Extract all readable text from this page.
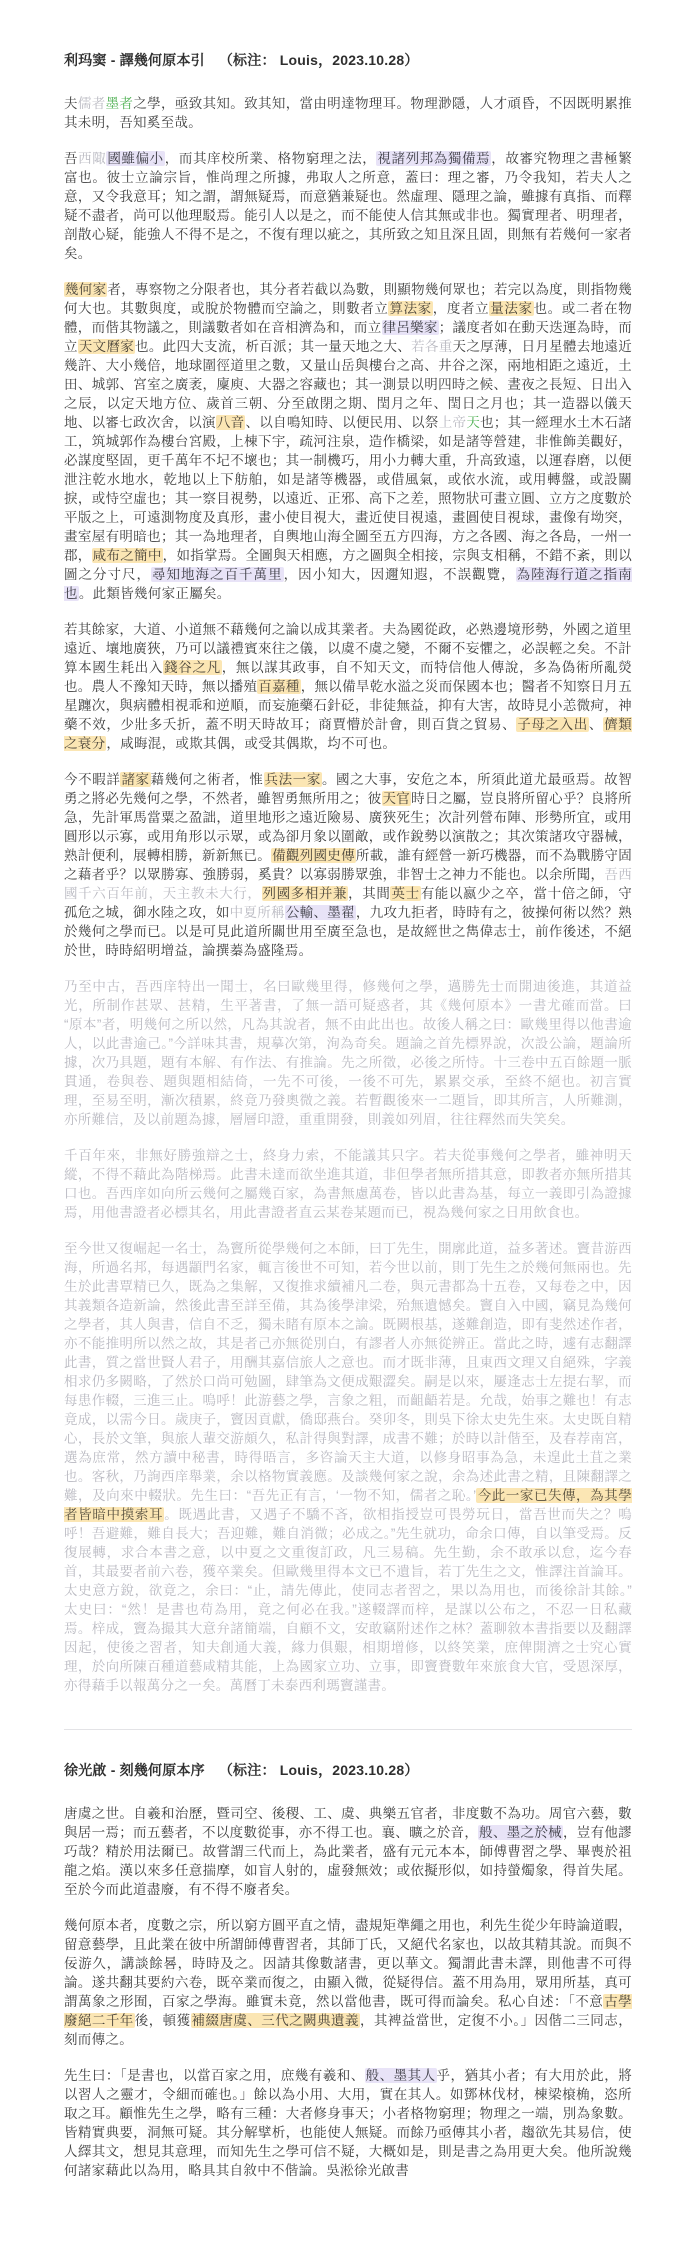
利玛窦 - 譯幾何原本引 （标注： Louis，2023.10.28）

夫儒者墨者之學，亟致其知。致其知，當由明達物理耳。物理渺隱，人才頑昏，不因既明累推其未明，吾知奚至哉。

吾西陬國雖偏小，而其庠校所業、格物窮理之法，視諸列邦為獨備焉，故審究物理之書極繁富也。彼士立論宗旨，惟尚理之所據，弗取人之所意，蓋曰：理之審，乃令我知，若夫人之意，又令我意耳；知之謂，謂無疑焉，而意猶兼疑也。然虛理、隱理之論，雖據有真指、而釋疑不盡者，尚可以他理駁焉。能引人以是之，而不能使人信其無或非也。獨實理者、明理者，剖散心疑，能強人不得不是之，不復有理以疵之，其所致之知且深且固，則無有若幾何一家者矣。

幾何家者，專察物之分限者也，其分者若截以為數，則顯物幾何眾也；若完以為度，則指物幾何大也。其數與度，或脫於物體而空論之，則數者立算法家，度者立量法家也。或二者在物體，而偕其物議之，則議數者如在音相濟為和，而立律呂樂家；議度者如在動天迭運為時，而立天文曆家也。此四大支流，析百派；其一量天地之大、若各重天之厚薄，日月星體去地遠近幾許、大小幾倍，地球圍徑道里之數，又量山岳與樓台之高、井谷之深，兩地相距之遠近，土田、城郭、宮室之廣袤，廩庾、大器之容藏也；其一測景以明四時之候、晝夜之長短、日出入之辰，以定天地方位、歲首三朝、分至啟閉之期、閏月之年、閏日之月也；其一造器以儀天地、以審七政次舍，以演八音、以自鳴知時、以便民用、以祭上帝天也；其一經理水土木石諸工，筑城郭作為樓台宮殿，上棟下宇，疏河注泉，造作橋梁，如是諸等營建，非惟飾美觀好，必謀度堅固，更千萬年不圮不壞也；其一制機巧，用小力轉大重，升高致遠，以運舂磨，以便泄注乾水地水，乾地以上下舫舶，如是諸等機器，或借風氣，或依水流，或用轉盤，或設關捩，或恃空虛也；其一察目視勢，以遠近、正邪、高下之差，照物狀可畫立圓、立方之度數於平版之上，可遠測物度及真形，畫小使目視大，畫近使目視遠，畫圓使目視球，畫像有坳突，畫室屋有明暗也；其一為地理者，自輿地山海全圖至五方四海，方之各國、海之各島，一州一郡，咸布之簡中，如指掌焉。全圖與天相應，方之圖與全相接，宗與支相稱，不錯不紊，則以圖之分寸尺，尋知地海之百千萬里，因小知大，因邇知遐，不誤觀覽，為陸海行道之指南也。此類皆幾何家正屬矣。

若其餘家，大道、小道無不藉幾何之論以成其業者。夫為國從政，必熟邊境形勢，外國之道里遠近、壤地廣狹，乃可以議禮賓來往之儀，以虞不虞之變，不爾不妄懼之，必誤輕之矣。不計算本國生耗出入錢谷之凡，無以謀其政事，自不知天文，而特信他人傳說，多為偽術所亂熒也。農人不豫知天時，無以播殖百嘉種，無以備旱乾水溢之災而保國本也；醫者不知察日月五星躔次，與病體相視乖和逆順，而妄施藥石針砭，非徒無益，抑有大害，故時見小恙微疴，神藥不效，少壯多夭折，蓋不明天時故耳；商賈懵於計會，則百貨之貿易、子母之入出、儕類之衰分，咸晦混，或欺其偶，或受其偶欺，均不可也。

今不暇詳諸家藉幾何之術者，惟兵法一家。國之大事，安危之本，所須此道尤最亟焉。故智勇之將必先幾何之學，不然者，雖智勇無所用之；彼天官時日之屬，豈良將所留心乎？良將所急，先計軍馬當粟之盈詘，道里地形之遠近險易、廣狹死生；次計列營布陣、形勢所宜，或用圓形以示寡，或用角形以示眾，或為卻月象以圍敵，或作銳勢以演散之；其次策諸攻守器械，熟計便利，展轉相勝，新新無已。備觀列國史傳所載，誰有經營一新巧機器，而不為戰勝守固之藉者乎？以眾勝寡、強勝弱，奚貴？以寡弱勝眾強，非智士之神力不能也。以余所聞，吾西國千六百年前，天主教未大行，列國多相并兼，其間英士有能以嬴少之卒，當十倍之師，守孤危之城，御水陸之攻，如中夏所稱公輸、墨翟，九攻九拒者，時時有之，彼操何術以然？熟於幾何之學而已。以是可見此道所關世用至廣至急也，是故經世之雋偉志士，前作後述，不絕於世，時時紹明增益，論撰蓁為盛隆焉。

乃至中古，吾西庠特出一聞士，名曰歐幾里得，修幾何之學，邁勝先士而開迪後進，其道益光，所制作甚眾、甚精，生平著書，了無一語可疑惑者，其《幾何原本》一書尤確而當。曰“原本”者，明幾何之所以然，凡為其說者，無不由此出也。故後人稱之曰：歐幾里得以他書逾人，以此書逾己。”今詳味其書，規摹次第，洵為奇矣。題論之首先標界說，次設公論，題論所據，次乃具題，題有本解、有作法、有推論。先之所徵，必後之所恃。十三卷中五百餘題一脈貫通，卷與卷、題與題相結倚，一先不可後，一後不可先，累累交承，至終不絕也。初言實理，至易至明，漸次積累，終竟乃發奧微之義。若暫觀後來一二題旨，即其所言，人所難測，亦所難信，及以前題為據，層層印證，重重開發，則義如列眉，往往釋然而失笑矣。

千百年來，非無好勝強辯之士，終身力索，不能議其只字。若夫從事幾何之學者，雖神明天縱，不得不藉此為階梯焉。此書未達而欲坐進其道，非但學者無所措其意，即教者亦無所措其口也。吾西庠如向所云幾何之屬幾百家，為書無慮萬卷，皆以此書為基，每立一義即引為證據焉，用他書證者必標其名，用此書證者直云某卷某題而已，視為幾何家之日用飲食也。

至今世又復崛起一名士，為竇所從學幾何之本師，曰丁先生，開廓此道，益多著述。竇昔游西海，所過名邦，每遇顓門名家，輒言後世不可知，若今世以前，則丁先生之於幾何無兩也。先生於此書覃精已久，既為之集解，又復推求續補凡二卷，與元書都為十五卷，又每卷之中，因其義類各造新論，然後此書至詳至備，其為後學津梁，殆無遺憾矣。竇自入中國，竊見為幾何之學者，其人與書，信自不乏，獨未睹有原本之論。既闕根基，遂難創造，即有斐然述作者，亦不能推明所以然之故，其是者己亦無從別白，有謬者人亦無從辨正。當此之時，遽有志翻譯此書，質之當世賢人君子，用酬其嘉信旅人之意也。而才既非薄，且東西文理又自絕殊，字義相求仍多闕略，了然於口尚可勉圖，肆筆為文便成艱澀矣。嗣是以來，屢逢志士左提右挈，而每患作輟，三進三止。嗚呼！此游藝之學，言象之粗，而齟齬若是。允哉，始事之難也！有志竟成，以需今日。歲庚子，竇因貢獻，僑邸燕台。癸卯冬，則吳下徐太史先生來。太史既自精心，長於文筆，與旅人輩交游頗久，私計得與對譯，成書不難；於時以計偕至，及春荐南宮，選為庶常，然方讀中秘書，時得晤言，多咨論天主大道，以修身昭事為急，未遑此土苴之業也。客秋，乃詢西庠舉業，余以格物實義應。及談幾何家之說，余為述此書之精，且陳翻譯之難，及向來中輟狀。先生曰：“吾先正有言，‘一物不知，儒者之恥。’今此一家已失傳，為其學者皆暗中摸索耳。既遇此書，又遇子不驕不吝，欲相指授豈可畏勞玩日，當吾世而失之？嗚呼！吾避難，難自長大；吾迎難，難自消微；必成之。”先生就功，命余口傳，自以筆受焉。反復展轉，求合本書之意，以中夏之文重復訂政，凡三易稿。先生勤，余不敢承以怠，迄今春首，其最要者前六卷，獲卒業矣。但歐幾里得本文已不遺旨，若丁先生之文，惟譯注首論耳。太史意方銳，欲竟之，余曰：“止，請先傳此，使同志者習之，果以為用也，而後徐計其餘。”太史曰：“然！是書也苟為用，竟之何必在我。”遂輟譯而梓，是謀以公布之，不忍一日私藏焉。梓成，竇為撮其大意弁諸簡端，自顧不文，安敢竊附述作之林？蓋聊敘本書指要以及翻譯因起，使後之習者，知夫創通大義，緣力俱艱，相期增修，以終笑業，庶俾開濟之士究心實理，於向所陳百種道藝咸精其能，上為國家立功、立事，即竇賚數年來旅食大官，受恩深厚，亦得藉手以報萬分之一矣。萬曆丁未泰西利瑪竇謹書。

徐光啟 - 刻幾何原本序 （标注： Louis，2023.10.28）

唐虞之世。自羲和治歷，暨司空、後稷、工、虞、典樂五官者，非度數不為功。周官六藝，數與居一焉；而五藝者，不以度數從事，亦不得工也。襄、曠之於音，般、墨之於械，豈有他謬巧哉？精於用法爾已。故嘗謂三代而上，為此業者，盛有元元本本，師傅曹習之學、畢喪於祖龍之焰。漢以來多任意揣摩，如盲人射的，虛發無效；或依擬形似，如持螢燭象，得首失尾。至於今而此道盡廢，有不得不廢者矣。

幾何原本者，度數之宗，所以窮方圓平直之情，盡規矩準繩之用也，利先生從少年時論道暇，留意藝學，且此業在彼中所謂師傅曹習者，其師丁氏，又絕代名家也，以故其精其說。而與不佞游久，講談餘晷，時時及之。因請其像數諸書，更以華文。獨謂此書未譯，則他書不可得論。遂共翻其要約六卷，既卒業而復之，由顯入微，從疑得信。蓋不用為用，眾用所基，真可謂萬象之形囿，百家之學海。雖實未竟，然以當他書，既可得而論矣。私心自述：「不意古學廢絕二千年後，頓獲補綴唐虞、三代之闕典遺義，其裨益當世，定復不小。」因偕二三同志，刻而傳之。

先生曰：「是書也，以當百家之用，庶幾有羲和、般、墨其人乎，猶其小者；有大用於此，將以習人之靈才，令細而確也。」餘以為小用、大用，實在其人。如鄧林伐材，棟梁榱桷，恣所取之耳。顧惟先生之學，略有三種：大者修身事天；小者格物窮理；物理之一端，別為象數。皆精實典要，洞無可疑。其分解擘析，也能使人無疑。而餘乃亟傳其小者，趨欲先其易信，使人繹其文，想見其意理，而知先生之學可信不疑，大概如是，則是書之為用更大矣。他所說幾何諸家藉此以為用，略具其自敘中不偕論。吳淞徐光啟書
